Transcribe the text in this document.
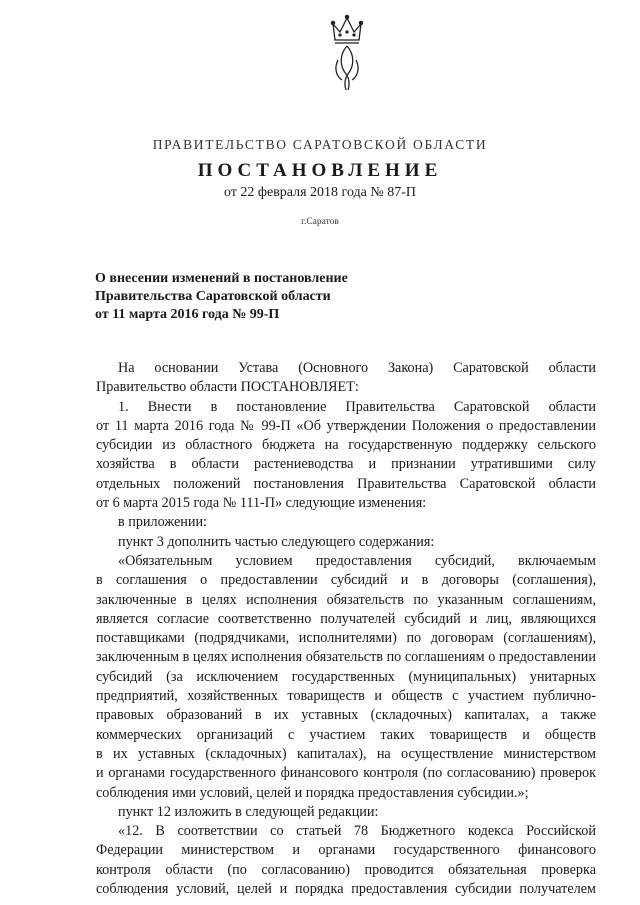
ПРАВИТЕЛЬСТВО САРАТОВСКОЙ ОБЛАСТИ
ПОСТАНОВЛЕНИЕ
от 22 февраля 2018 года № 87-П
г.Саратов
О внесении изменений в постановление
Правительства Саратовской области
от 11 марта 2016 года № 99-П
На основании Устава (Основного Закона) Саратовской области
Правительство области ПОСТАНОВЛЯЕТ:
1. Внести в постановление Правительства Саратовской области
от 11 марта 2016 года № 99-П «Об утверждении Положения о предоставлении
субсидии из областного бюджета на государственную поддержку сельского
хозяйства в области растениеводства и признании утратившими силу
отдельных положений постановления Правительства Саратовской области
от 6 марта 2015 года № 111-П» следующие изменения:
в приложении:
пункт 3 дополнить частью следующего содержания:
«Обязательным условием предоставления субсидий, включаемым
в соглашения о предоставлении субсидий и в договоры (соглашения),
заключенные в целях исполнения обязательств по указанным соглашениям,
является согласие соответственно получателей субсидий и лиц, являющихся
поставщиками (подрядчиками, исполнителями) по договорам (соглашениям),
заключенным в целях исполнения обязательств по соглашениям о предоставлении
субсидий (за исключением государственных (муниципальных) унитарных
предприятий, хозяйственных товариществ и обществ с участием публично-
правовых образований в их уставных (складочных) капиталах, а также
коммерческих организаций с участием таких товариществ и обществ
в их уставных (складочных) капиталах), на осуществление министерством
и органами государственного финансового контроля (по согласованию) проверок
соблюдения ими условий, целей и порядка предоставления субсидии.»;
пункт 12 изложить в следующей редакции:
«12. В соответствии со статьей 78 Бюджетного кодекса Российской
Федерации министерством и органами государственного финансового
контроля области (по согласованию) проводится обязательная проверка
соблюдения условий, целей и порядка предоставления субсидии получателем
